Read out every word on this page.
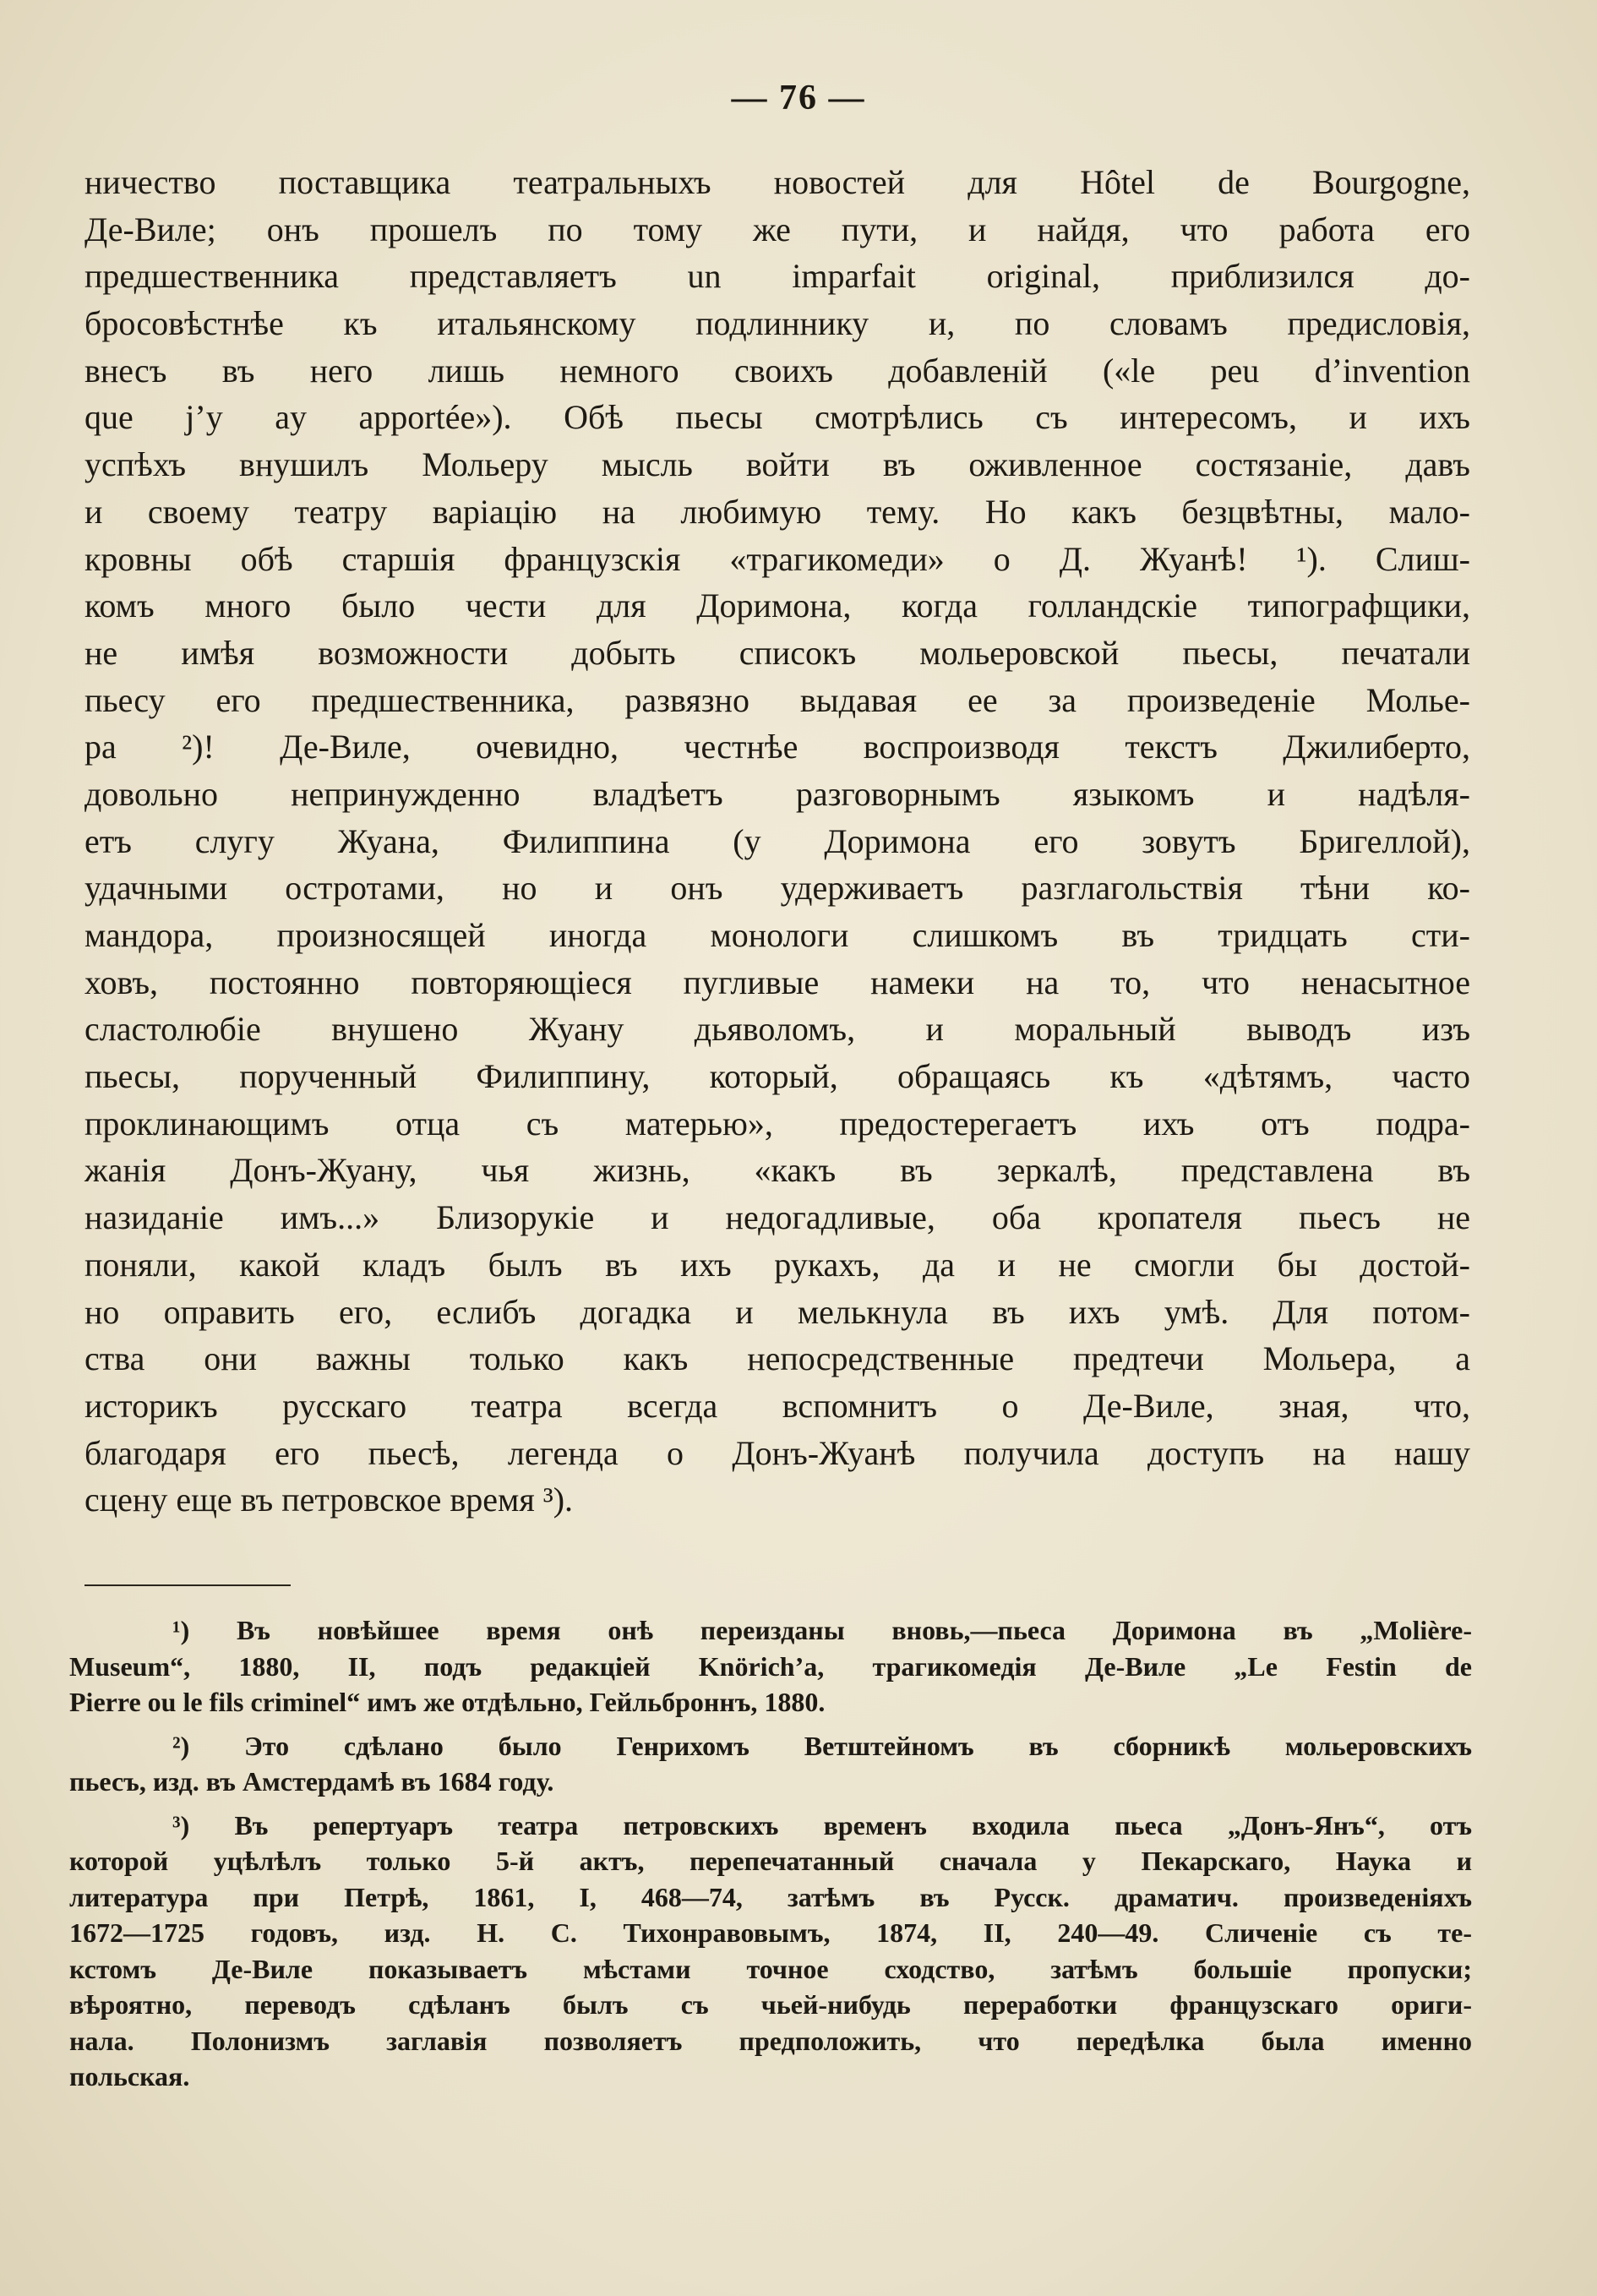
— 76 —
ничество поставщика театральныхъ новостей для Hôtel de Bourgogne,
Де-Виле; онъ прошелъ по тому же пути, и найдя, что работа его
предшественника представляетъ un imparfait original, приблизился до-
бросовѣстнѣе къ итальянскому подлиннику и, по словамъ предисловія,
внесъ въ него лишь немного своихъ добавленій («le peu d’invention
que j’y ay apportée»). Обѣ пьесы смотрѣлись съ интересомъ, и ихъ
успѣхъ внушилъ Мольеру мысль войти въ оживленное состязаніе, давъ
и своему театру варіацію на любимую тему. Но какъ безцвѣтны, мало-
кровны обѣ старшія французскія «трагикомеди» о Д. Жуанѣ! ¹). Слиш-
комъ много было чести для Доримона, когда голландскіе типографщики,
не имѣя возможности добыть списокъ мольеровской пьесы, печатали
пьесу его предшественника, развязно выдавая ее за произведеніе Молье-
ра ²)! Де-Виле, очевидно, честнѣе воспроизводя текстъ Джилиберто,
довольно непринужденно владѣетъ разговорнымъ языкомъ и надѣля-
етъ слугу Жуана, Филиппина (у Доримона его зовутъ Бригеллой),
удачными остротами, но и онъ удерживаетъ разглагольствія тѣни ко-
мандора, произносящей иногда монологи слишкомъ въ тридцать сти-
ховъ, постоянно повторяющіеся пугливые намеки на то, что ненасытное
сластолюбіе внушено Жуану дьяволомъ, и моральный выводъ изъ
пьесы, порученный Филиппину, который, обращаясь къ «дѣтямъ, часто
проклинающимъ отца съ матерью», предостерегаетъ ихъ отъ подра-
жанія Донъ-Жуану, чья жизнь, «какъ въ зеркалѣ, представлена въ
назиданіе имъ...» Близорукіе и недогадливые, оба кропателя пьесъ не
поняли, какой кладъ былъ въ ихъ рукахъ, да и не смогли бы достой-
но оправить его, еслибъ догадка и мелькнула въ ихъ умѣ. Для потом-
ства они важны только какъ непосредственные предтечи Мольера, а
историкъ русскаго театра всегда вспомнитъ о Де-Виле, зная, что,
благодаря его пьесѣ, легенда о Донъ-Жуанѣ получила доступъ на нашу
сцену еще въ петровское время ³).
¹) Въ новѣйшее время онѣ переизданы вновь,—пьеса Доримона въ „Molière-
Museum“, 1880, II, подъ редакціей Knörich’a, трагикомедія Де-Виле „Le Festin de
Pierre ou le fils criminel“ имъ же отдѣльно, Гейльброннъ, 1880.
²) Это сдѣлано было Генрихомъ Ветштейномъ въ сборникѣ мольеровскихъ
пьесъ, изд. въ Амстердамѣ въ 1684 году.
³) Въ репертуаръ театра петровскихъ временъ входила пьеса „Донъ-Янъ“, отъ
которой уцѣлѣлъ только 5-й актъ, перепечатанный сначала у Пекарскаго, Наука и
литература при Петрѣ, 1861, I, 468—74, затѣмъ въ Русск. драматич. произведеніяхъ
1672—1725 годовъ, изд. Н. С. Тихонравовымъ, 1874, II, 240—49. Сличеніе съ те-
кстомъ Де-Виле показываетъ мѣстами точное сходство, затѣмъ большіе пропуски;
вѣроятно, переводъ сдѣланъ былъ съ чьей-нибудь переработки французскаго ориги-
нала. Полонизмъ заглавія позволяетъ предположить, что передѣлка была именно
польская.
